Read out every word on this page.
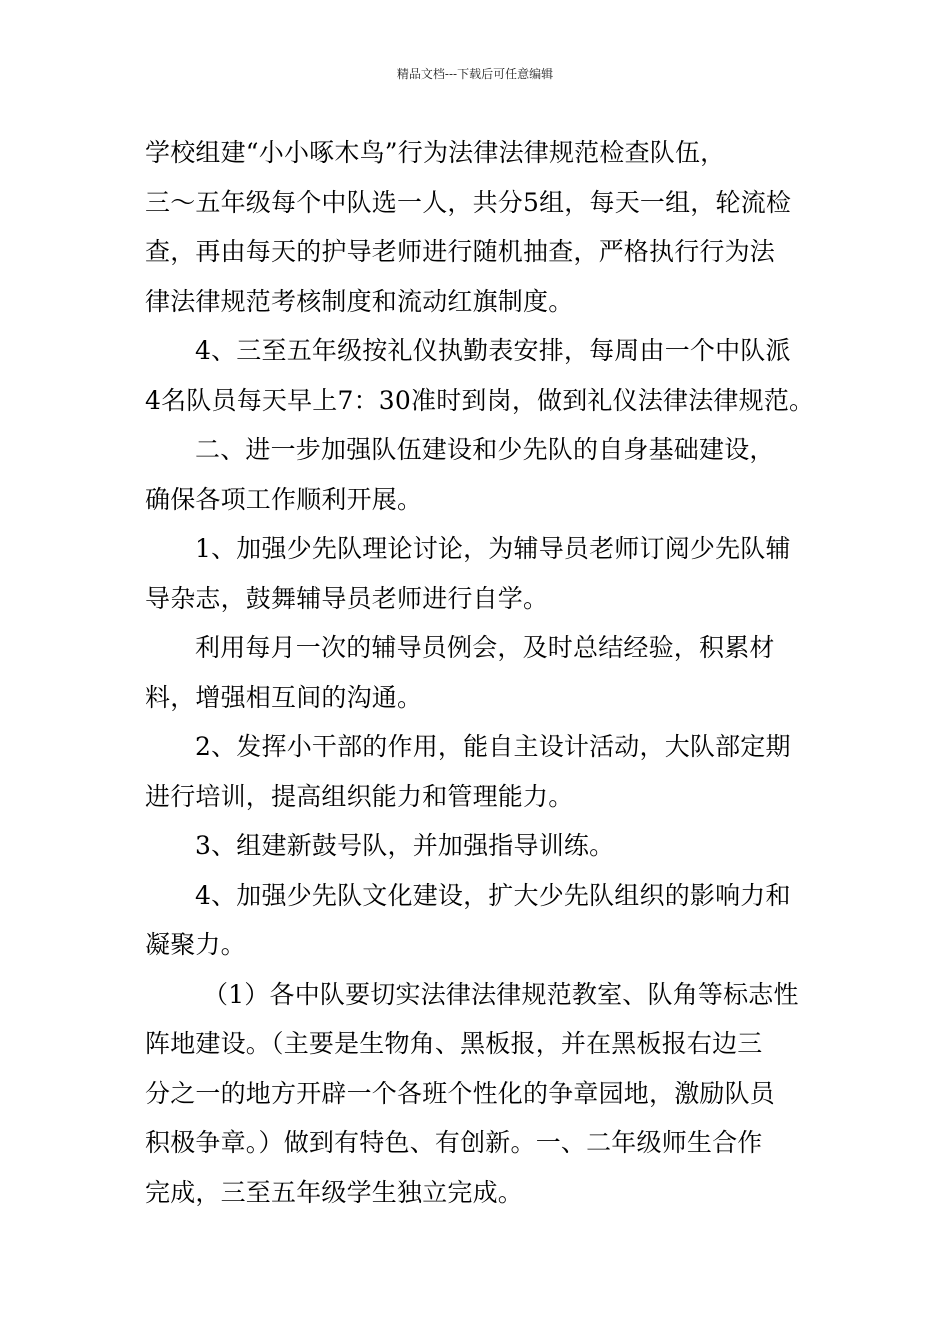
精品文档---下载后可任意编辑
学校组建“小小啄木鸟”行为法律法律规范检查队伍，
三～五年级每个中队选一人，共分5组，每天一组，轮流检
查，再由每天的护导老师进行随机抽查，严格执行行为法
律法律规范考核制度和流动红旗制度。
4、三至五年级按礼仪执勤表安排，每周由一个中队派
4名队员每天早上7：30准时到岗，做到礼仪法律法律规范。
二、进一步加强队伍建设和少先队的自身基础建设，
确保各项工作顺利开展。
1、加强少先队理论讨论，为辅导员老师订阅少先队辅
导杂志，鼓舞辅导员老师进行自学。
利用每月一次的辅导员例会，及时总结经验，积累材
料，增强相互间的沟通。
2、发挥小干部的作用，能自主设计活动，大队部定期
进行培训，提高组织能力和管理能力。
3、组建新鼓号队，并加强指导训练。
4、加强少先队文化建设，扩大少先队组织的影响力和
凝聚力。
（1）各中队要切实法律法律规范教室、队角等标志性
阵地建设。（主要是生物角、黑板报，并在黑板报右边三
分之一的地方开辟一个各班个性化的争章园地，激励队员
积极争章。）做到有特色、有创新。一、二年级师生合作
完成，三至五年级学生独立完成。
